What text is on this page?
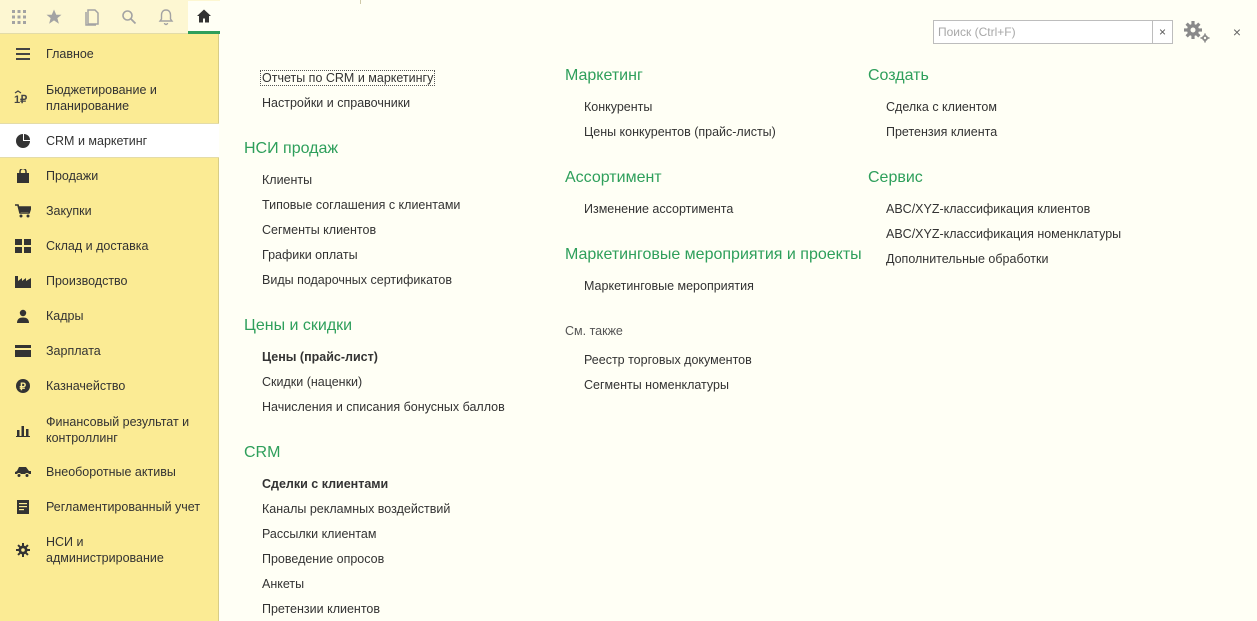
Главное
1₽
Бюджетирование и планирование
CRM и маркетинг
Продажи
Закупки
Склад и доставка
Производство
Кадры
Зарплата
₽ Казначейство
Финансовый результат и контроллинг
Внеоборотные активы
Регламентированный учет
НСИ и администрирование
Поиск (Ctrl+F)
×	×
Отчеты по CRM и маркетингу
Настройки и справочники
НСИ продаж
Клиенты
Типовые соглашения с клиентами
Сегменты клиентов
Графики оплаты
Виды подарочных сертификатов
Цены и скидки
Цены (прайс-лист)
Скидки (наценки)
Начисления и списания бонусных баллов
CRM
Сделки с клиентами
Каналы рекламных воздействий
Рассылки клиентам
Проведение опросов
Анкеты
Претензии клиентов
Маркетинг
Конкуренты
Цены конкурентов (прайс-листы)
Ассортимент
Изменение ассортимента
Маркетинговые мероприятия и проекты
Маркетинговые мероприятия
См. также
Реестр торговых документов
Сегменты номенклатуры
Создать
Сделка с клиентом
Претензия клиента
Сервис
ABC/XYZ-классификация клиентов
ABC/XYZ-классификация номенклатуры
Дополнительные обработки
